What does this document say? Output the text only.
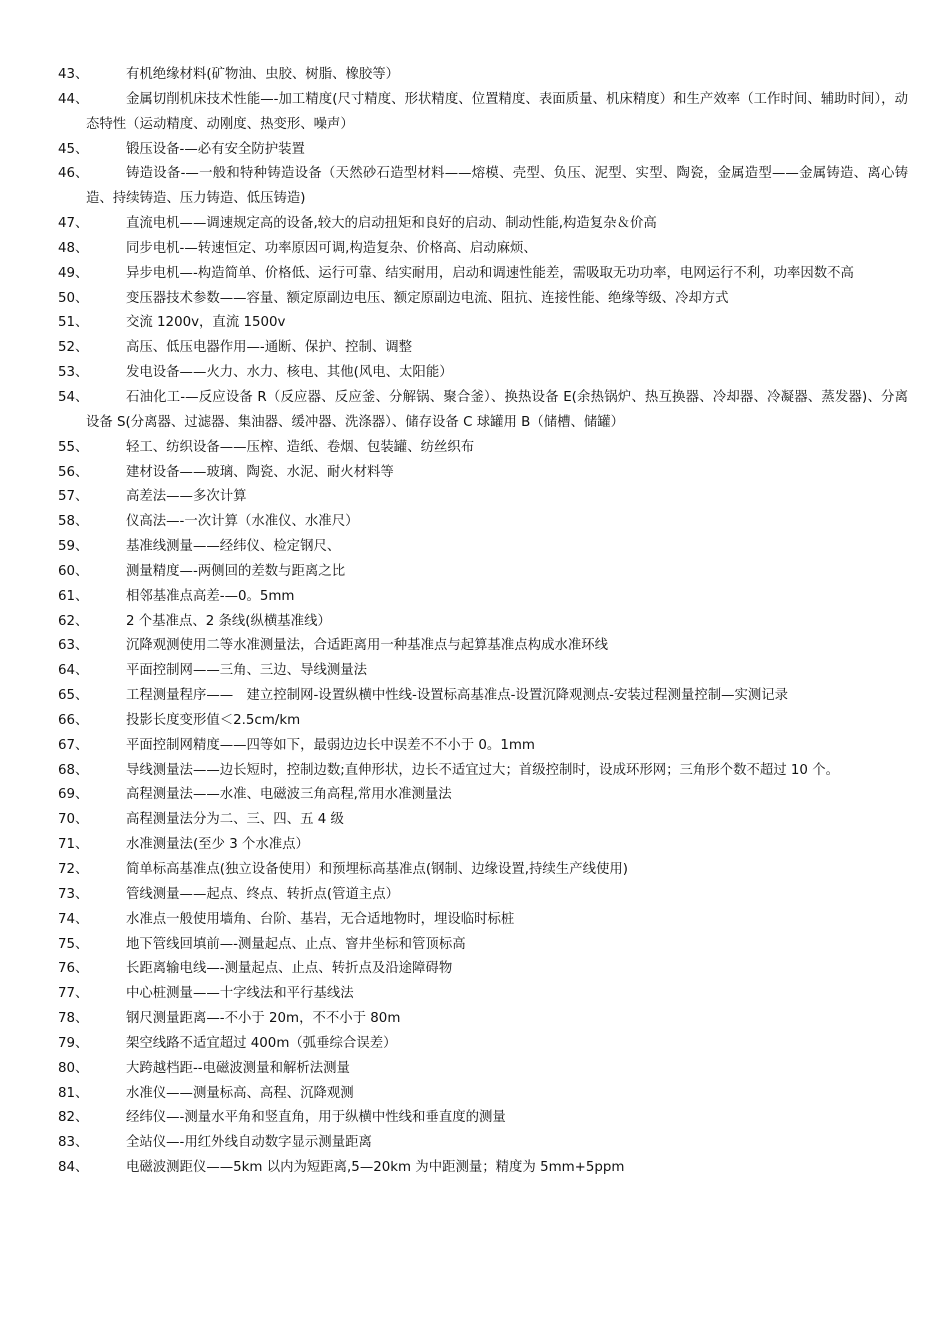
43、	有机绝缘材料(矿物油、虫胶、树脂、橡胶等）
44、	金属切削机床技术性能—-加工精度(尺寸精度、形状精度、位置精度、表面质量、机床精度）和生产效率（工作时间、辅助时间），动态特性（运动精度、动刚度、热变形、噪声）
45、	锻压设备-—必有安全防护装置
46、	铸造设备-—一般和特种铸造设备（天然砂石造型材料——熔模、壳型、负压、泥型、实型、陶瓷，金属造型——金属铸造、离心铸造、持续铸造、压力铸造、低压铸造)
47、	直流电机——调速规定高的设备,较大的启动扭矩和良好的启动、制动性能,构造复杂＆价高
48、	同步电机-—转速恒定、功率原因可调,构造复杂、价格高、启动麻烦、
49、	异步电机—-构造简单、价格低、运行可靠、结实耐用，启动和调速性能差，需吸取无功功率，电网运行不利，功率因数不高
50、	变压器技术参数——容量、额定原副边电压、额定原副边电流、阻抗、连接性能、绝缘等级、冷却方式
51、	交流 1200v，直流 1500v
52、	高压、低压电器作用—-通断、保护、控制、调整
53、	发电设备——火力、水力、核电、其他(风电、太阳能）
54、	石油化工-—反应设备 R（反应器、反应釜、分解锅、聚合釜）、换热设备 E(余热锅炉、热互换器、冷却器、冷凝器、蒸发器)、分离设备 S(分离器、过滤器、集油器、缓冲器、洗涤器）、储存设备 C 球罐用 B（储槽、储罐）
55、	轻工、纺织设备——压榨、造纸、卷烟、包装罐、纺丝织布
56、	建材设备——玻璃、陶瓷、水泥、耐火材料等
57、	高差法——多次计算
58、	仪高法—-一次计算（水准仪、水准尺）
59、	基准线测量——经纬仪、检定钢尺、
60、	测量精度—-两侧回的差数与距离之比
61、	相邻基准点高差-—0。5mm
62、	2 个基准点、2 条线(纵横基准线）
63、	沉降观测使用二等水准测量法，合适距离用一种基准点与起算基准点构成水准环线
64、	平面控制网——三角、三边、导线测量法
65、	工程测量程序——　建立控制网-设置纵横中性线-设置标高基准点-设置沉降观测点-安装过程测量控制—实测记录
66、	投影长度变形值＜2.5cm/km
67、	平面控制网精度——四等如下，最弱边边长中误差不不小于 0。1mm
68、	导线测量法——边长短时，控制边数;直伸形状，边长不适宜过大；首级控制时，设成环形网；三角形个数不超过 10 个。
69、	高程测量法——水准、电磁波三角高程,常用水准测量法
70、	高程测量法分为二、三、四、五 4 级
71、	水准测量法(至少 3 个水准点）
72、	简单标高基准点(独立设备使用）和预埋标高基准点(钢制、边缘设置,持续生产线使用)
73、	管线测量——起点、终点、转折点(管道主点）
74、	水准点一般使用墙角、台阶、基岩，无合适地物时，埋设临时标桩
75、	地下管线回填前—-测量起点、止点、窨井坐标和管顶标高
76、	长距离输电线—-测量起点、止点、转折点及沿途障碍物
77、	中心桩测量——十字线法和平行基线法
78、	钢尺测量距离—-不小于 20m，不不小于 80m
79、	架空线路不适宜超过 400m（弧垂综合误差）
80、	大跨越档距--电磁波测量和解析法测量
81、	水准仪——测量标高、高程、沉降观测
82、	经纬仪—-测量水平角和竖直角，用于纵横中性线和垂直度的测量
83、	全站仪—-用红外线自动数字显示测量距离
84、	电磁波测距仪——5km 以内为短距离,5—20km 为中距测量；精度为 5mm+5ppm
